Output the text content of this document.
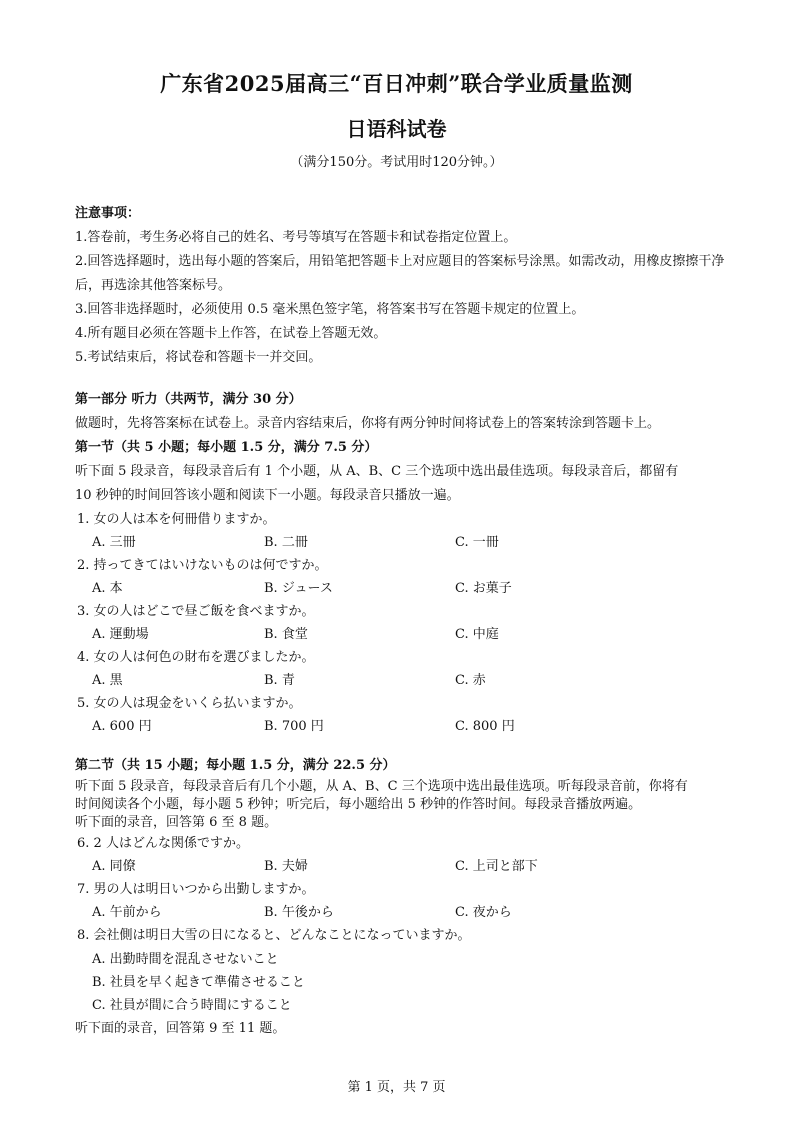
广东省2025届高三“百日冲刺”联合学业质量监测
日语科试卷
（满分150分。考试用时120分钟。）
注意事项：
1.答卷前，考生务必将自己的姓名、考号等填写在答题卡和试卷指定位置上。
2.回答选择题时，选出每小题的答案后，用铅笔把答题卡上对应题目的答案标号涂黑。如需改动，用橡皮擦擦干净后，再选涂其他答案标号。
3.回答非选择题时，必须使用 0.5 毫米黑色签字笔，将答案书写在答题卡规定的位置上。
4.所有题目必须在答题卡上作答，在试卷上答题无效。
5.考试结束后，将试卷和答题卡一并交回。
第一部分 听力（共两节，满分 30 分）
做题时，先将答案标在试卷上。录音内容结束后，你将有两分钟时间将试卷上的答案转涂到答题卡上。
第一节（共 5 小题；每小题 1.5 分，满分 7.5 分）
听下面 5 段录音，每段录音后有 1 个小题，从 A、B、C 三个选项中选出最佳选项。每段录音后，都留有
10 秒钟的时间回答该小题和阅读下一小题。每段录音只播放一遍。
1. 女の人は本を何冊借りますか。
A. 三冊	B. 二冊	C. 一冊
2. 持ってきてはいけないものは何ですか。
A. 本	B. ジュース	C. お菓子
3. 女の人はどこで昼ご飯を食べますか。
A. 運動場	B. 食堂	C. 中庭
4. 女の人は何色の財布を選びましたか。
A. 黒	B. 青	C. 赤
5. 女の人は現金をいくら払いますか。
A. 600 円	B. 700 円	C. 800 円
第二节（共 15 小题；每小题 1.5 分，满分 22.5 分）
听下面 5 段录音，每段录音后有几个小题，从 A、B、C 三个选项中选出最佳选项。听每段录音前，你将有
时间阅读各个小题，每小题 5 秒钟；听完后，每小题给出 5 秒钟的作答时间。每段录音播放两遍。
听下面的录音，回答第 6 至 8 题。
6. 2 人はどんな関係ですか。
A. 同僚	B. 夫婦	C. 上司と部下
7. 男の人は明日いつから出勤しますか。
A. 午前から	B. 午後から	C. 夜から
8. 会社側は明日大雪の日になると、どんなことになっていますか。
A. 出勤時間を混乱させないこと
B. 社員を早く起きて準備させること
C. 社員が間に合う時間にすること
听下面的录音，回答第 9 至 11 题。
第 1 页，共 7 页
